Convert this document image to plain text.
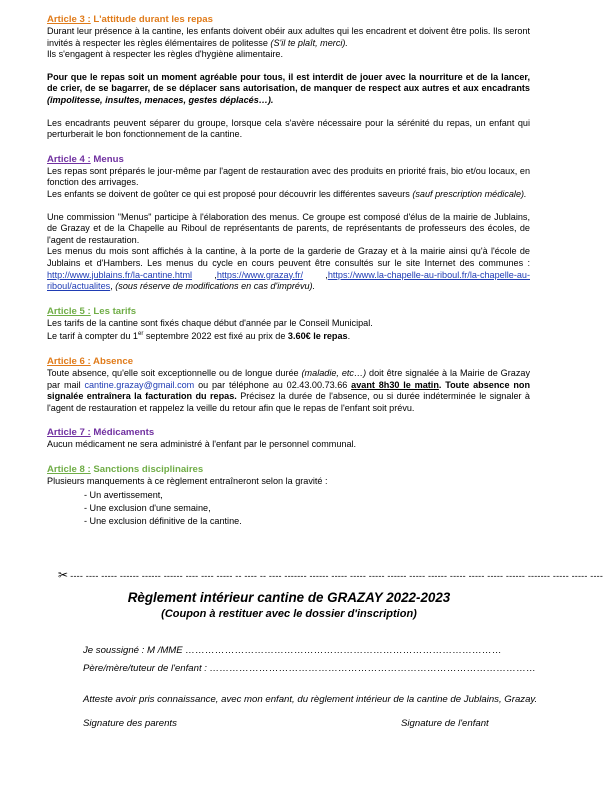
Article 3 : L'attitude durant les repas

Durant leur présence à la cantine, les enfants doivent obéir aux adultes qui les encadrent et doivent être polis. Ils seront invités à respecter les règles élémentaires de politesse (S'il te plaît, merci).

Ils s'engagent à respecter les règles d'hygiène alimentaire.

Pour que le repas soit un moment agréable pour tous, il est interdit de jouer avec la nourriture et de la lancer, de crier, de se bagarrer, de se déplacer sans autorisation, de manquer de respect aux autres et aux encadrants (impolitesse, insultes, menaces, gestes déplacés…).

Les encadrants peuvent séparer du groupe, lorsque cela s'avère nécessaire pour la sérénité du repas, un enfant qui perturberait le bon fonctionnement de la cantine.

Article 4 : Menus

Les repas sont préparés le jour-même par l'agent de restauration avec des produits en priorité frais, bio et/ou locaux, en fonction des arrivages.

Les enfants se doivent de goûter ce qui est proposé pour découvrir les différentes saveurs (sauf prescription médicale).

Une commission "Menus" participe à l'élaboration des menus. Ce groupe est composé d'élus de la mairie de Jublains, de Grazay et de la Chapelle au Riboul de représentants de parents, de représentants de professeurs des écoles, de l'agent de restauration.

Les menus du mois sont affichés à la cantine, à la porte de la garderie de Grazay et à la mairie ainsi qu'à l'école de Jublains et d'Hambers. Les menus du cycle en cours peuvent être consultés sur le site Internet des communes : http://www.jublains.fr/la-cantine.html ,https://www.grazay.fr/ ,https://www.la-chapelle-au-riboul.fr/la-chapelle-au-riboul/actualites, (sous réserve de modifications en cas d'imprévu).

Article 5 : Les tarifs

Les tarifs de la cantine sont fixés chaque début d'année par le Conseil Municipal.

Le tarif à compter du 1er septembre 2022 est fixé au prix de 3.60€ le repas.

Article 6 : Absence

Toute absence, qu'elle soit exceptionnelle ou de longue durée (maladie, etc…) doit être signalée à la Mairie de Grazay par mail cantine.grazay@gmail.com ou par téléphone au 02.43.00.73.66 avant 8h30 le matin. Toute absence non signalée entraînera la facturation du repas. Précisez la durée de l'absence, ou si durée indéterminée le signaler à l'agent de restauration et rappelez la veille du retour afin que le repas de l'enfant soit prévu.

Article 7 : Médicaments

Aucun médicament ne sera administré à l'enfant par le personnel communal.

Article 8 : Sanctions disciplinaires

Plusieurs manquements à ce règlement entraîneront selon la gravité :

- Un avertissement,
- Une exclusion d'une semaine,
- Une exclusion définitive de la cantine.
✂ ---- ---- ----- ------ ------ ------ ---- ---- ----- -- ---- -- ---- ------- ------ ----- ----- ----- ------ ----- ------ ----- ----- ----- ------ ------- ----- ----- ----
Règlement intérieur cantine de GRAZAY 2022-2023
(Coupon à restituer avec le dossier d'inscription)
Je soussigné : M /MME ……………………………………………………………………………………
Père/mère/tuteur de l'enfant : ………………………………………………………………………………………
Atteste avoir pris connaissance, avec mon enfant, du règlement intérieur de la cantine de Jublains, Grazay.
Signature des parents	Signature de l'enfant
